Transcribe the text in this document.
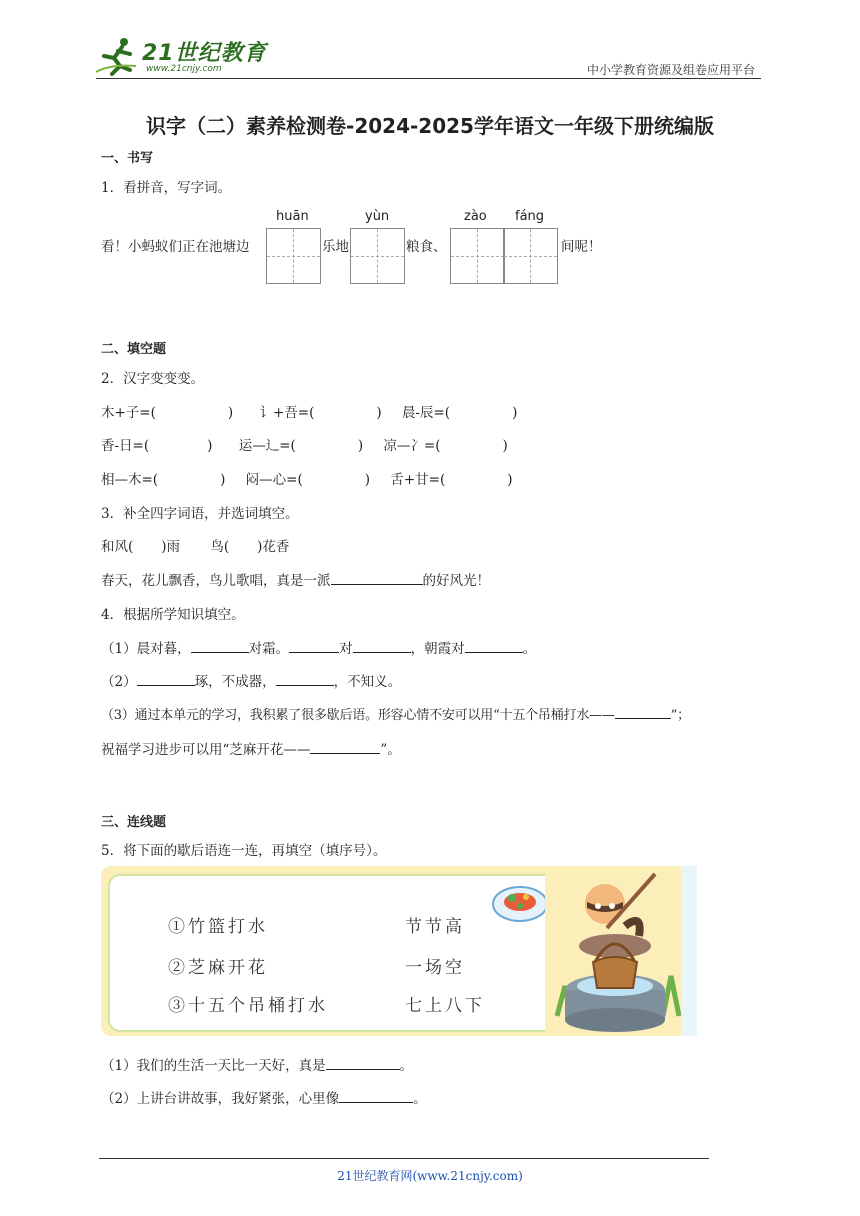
21世纪教育
www.21cnjy.com	中小学教育资源及组卷应用平台
识字（二）素养检测卷-2024-2025学年语文一年级下册统编版
一、书写
1．看拼音，写字词。
huān	yùn	zào fáng
看！小蚂蚁们正在池塘边	乐地	粮食、	间呢！
二、填空题
2．汉字变变变。
木+子=(	) 讠+吾=(	) 晨-辰=(	)
香-日=(	) 运—辶=(	) 凉—冫=(	)
相—木=(	) 闷—心=(	) 舌+甘=(	)
3．补全四字词语，并选词填空。
和风( )雨 鸟( )花香
春天，花儿飘香，鸟儿歌唱，真是一派	的好风光！
4．根据所学知识填空。
（1）晨对暮，	对霜。	对	，朝霞对	。
（2）	琢，不成器，	，不知义。
（3）通过本单元的学习，我积累了很多歇后语。形容心情不安可以用“十五个吊桶打水——	”；
祝福学习进步可以用“芝麻开花——	”。
三、连线题
5．将下面的歇后语连一连，再填空（填序号）。
①竹篮打水
②芝麻开花
③十五个吊桶打水
节节高
一场空
七上八下
（1）我们的生活一天比一天好，真是	。
（2）上讲台讲故事，我好紧张，心里像	。
21世纪教育网(www.21cnjy.com)
